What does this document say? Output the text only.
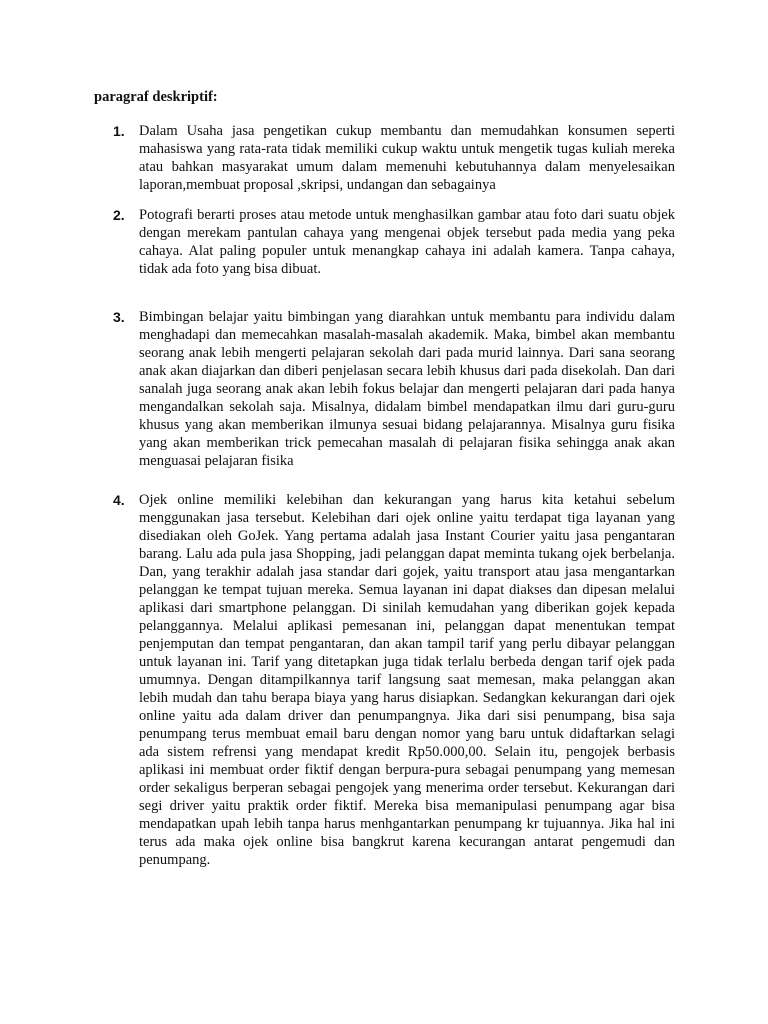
paragraf deskriptif:
1. Dalam Usaha jasa pengetikan cukup membantu dan memudahkan konsumen seperti mahasiswa yang rata-rata tidak memiliki cukup waktu untuk mengetik tugas kuliah mereka atau bahkan masyarakat umum dalam memenuhi kebutuhannya dalam menyelesaikan laporan,membuat proposal ,skripsi, undangan dan sebagainya
2. Potografi berarti proses atau metode untuk menghasilkan gambar atau foto dari suatu objek dengan merekam pantulan cahaya yang mengenai objek tersebut pada media yang peka cahaya. Alat paling populer untuk menangkap cahaya ini adalah kamera. Tanpa cahaya, tidak ada foto yang bisa dibuat.
3. Bimbingan belajar yaitu bimbingan yang diarahkan untuk membantu para individu dalam menghadapi dan memecahkan masalah-masalah akademik. Maka, bimbel akan membantu seorang anak lebih mengerti pelajaran sekolah dari pada murid lainnya. Dari sana seorang anak akan diajarkan dan diberi penjelasan secara lebih khusus dari pada disekolah. Dan dari sanalah juga seorang anak akan lebih fokus belajar dan mengerti pelajaran dari pada hanya mengandalkan sekolah saja. Misalnya, didalam bimbel mendapatkan ilmu dari guru-guru khusus yang akan memberikan ilmunya sesuai bidang pelajarannya. Misalnya guru fisika yang akan memberikan trick pemecahan masalah di pelajaran fisika sehingga anak akan menguasai pelajaran fisika
4. Ojek online memiliki kelebihan dan kekurangan yang harus kita ketahui sebelum menggunakan jasa tersebut. Kelebihan dari ojek online yaitu terdapat tiga layanan yang disediakan oleh GoJek. Yang pertama adalah jasa Instant Courier yaitu jasa pengantaran barang. Lalu ada pula jasa Shopping, jadi pelanggan dapat meminta tukang ojek berbelanja. Dan, yang terakhir adalah jasa standar dari gojek, yaitu transport atau jasa mengantarkan pelanggan ke tempat tujuan mereka. Semua layanan ini dapat diakses dan dipesan melalui aplikasi dari smartphone pelanggan. Di sinilah kemudahan yang diberikan gojek kepada pelanggannya. Melalui aplikasi pemesanan ini, pelanggan dapat menentukan tempat penjemputan dan tempat pengantaran, dan akan tampil tarif yang perlu dibayar pelanggan untuk layanan ini. Tarif yang ditetapkan juga tidak terlalu berbeda dengan tarif ojek pada umumnya. Dengan ditampilkannya tarif langsung saat memesan, maka pelanggan akan lebih mudah dan tahu berapa biaya yang harus disiapkan. Sedangkan kekurangan dari ojek online yaitu ada dalam driver dan penumpangnya. Jika dari sisi penumpang, bisa saja penumpang terus membuat email baru dengan nomor yang baru untuk didaftarkan selagi ada sistem refrensi yang mendapat kredit Rp50.000,00. Selain itu, pengojek berbasis aplikasi ini membuat order fiktif dengan berpura-pura sebagai penumpang yang memesan order sekaligus berperan sebagai pengojek yang menerima order tersebut. Kekurangan dari segi driver yaitu praktik order fiktif. Mereka bisa memanipulasi penumpang agar bisa mendapatkan upah lebih tanpa harus menhgantarkan penumpang kr tujuannya. Jika hal ini terus ada maka ojek online bisa bangkrut karena kecurangan antarat pengemudi dan penumpang.
